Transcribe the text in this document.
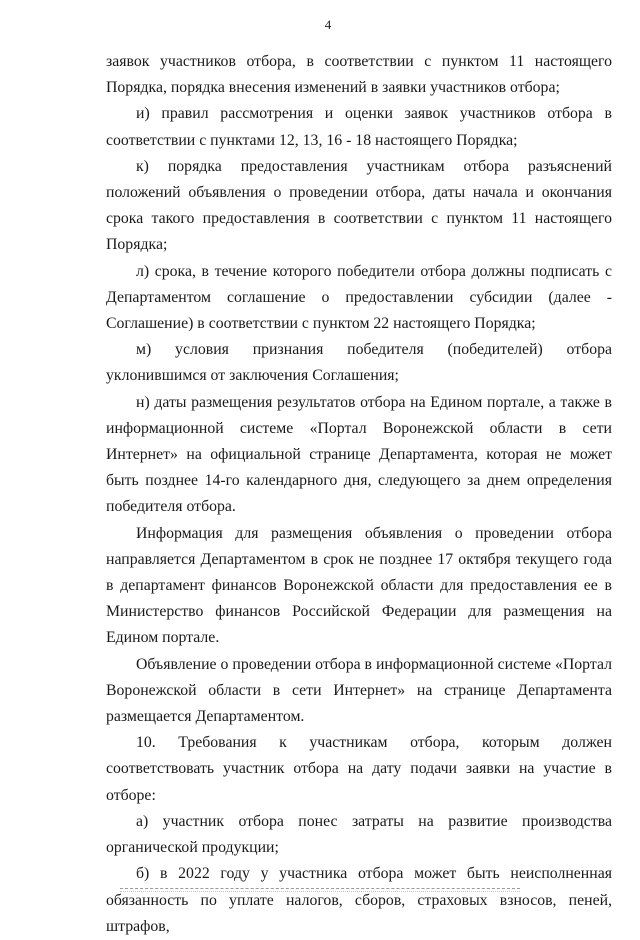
4

заявок участников отбора, в соответствии с пунктом 11 настоящего Порядка, порядка внесения изменений в заявки участников отбора;

и) правил рассмотрения и оценки заявок участников отбора в соответствии с пунктами 12, 13, 16 - 18 настоящего Порядка;

к) порядка предоставления участникам отбора разъяснений положений объявления о проведении отбора, даты начала и окончания срока такого предоставления в соответствии с пунктом 11 настоящего Порядка;

л) срока, в течение которого победители отбора должны подписать с Департаментом соглашение о предоставлении субсидии (далее - Соглашение) в соответствии с пунктом 22 настоящего Порядка;

м) условия признания победителя (победителей) отбора уклонившимся от заключения Соглашения;

н) даты размещения результатов отбора на Едином портале, а также в информационной системе «Портал Воронежской области в сети Интернет» на официальной странице Департамента, которая не может быть позднее 14-го календарного дня, следующего за днем определения победителя отбора.

Информация для размещения объявления о проведении отбора направляется Департаментом в срок не позднее 17 октября текущего года в департамент финансов Воронежской области для предоставления ее в Министерство финансов Российской Федерации для размещения на Едином портале.

Объявление о проведении отбора в информационной системе «Портал Воронежской области в сети Интернет» на странице Департамента размещается Департаментом.

10. Требования к участникам отбора, которым должен соответствовать участник отбора на дату подачи заявки на участие в отборе:

а) участник отбора понес затраты на развитие производства органической продукции;

б) в 2022 году у участника отбора может быть неисполненная обязанность по уплате налогов, сборов, страховых взносов, пеней, штрафов,
